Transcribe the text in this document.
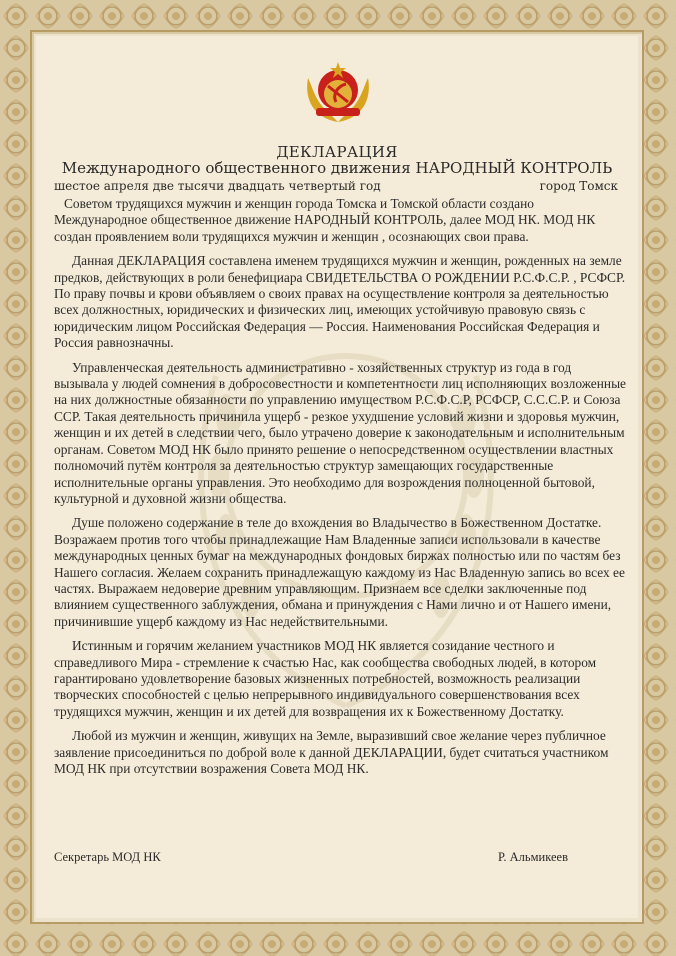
ДЕКЛАРАЦИЯ
Международного общественного движения НАРОДНЫЙ КОНТРОЛЬ
шестое апреля две тысячи двадцать четвертый год	город Томск

Советом трудящихся мужчин и женщин города Томска и Томской области создано Международное общественное движение НАРОДНЫЙ КОНТРОЛЬ, далее МОД НК. МОД НК создан проявлением воли трудящихся мужчин и женщин , осознающих свои права.

Данная ДЕКЛАРАЦИЯ составлена именем трудящихся мужчин и женщин, рожденных на земле предков, действующих в роли бенефициара СВИДЕТЕЛЬСТВА О РОЖДЕНИИ Р.С.Ф.С.Р. , РСФСР. По праву почвы и крови объявляем о своих правах на осуществление контроля за деятельностью всех должностных, юридических и физических лиц, имеющих устойчивую правовую связь с юридическим лицом Российская Федерация — Россия. Наименования Российская Федерация и Россия равнозначны.

Управленческая деятельность административно - хозяйственных структур из года в год вызывала у людей сомнения в добросовестности и компетентности лиц исполняющих возложенные на них должностные обязанности по управлению имуществом Р.С.Ф.С.Р, РСФСР, С.С.С.Р. и Союза ССР. Такая деятельность причинила ущерб - резкое ухудшение условий жизни и здоровья мужчин, женщин и их детей в следствии чего, было утрачено доверие к законодательным и исполнительным органам. Советом МОД НК было принято решение о непосредственном осуществлении властных полномочий путём контроля за деятельностью структур замещающих государственные исполнительные органы управления. Это необходимо для возрождения полноценной бытовой, культурной и духовной жизни общества.

Душе положено содержание в теле до вхождения во Владычество в Божественном Достатке. Возражаем против того чтобы принадлежащие Нам Владенные записи использовали в качестве международных ценных бумаг на международных фондовых биржах полностью или по частям без Нашего согласия. Желаем сохранить принадлежащую каждому из Нас Владенную запись во всех ее частях. Выражаем недоверие древним управляющим. Признаем все сделки заключенные под влиянием существенного заблуждения, обмана и принуждения с Нами лично и от Нашего имени, причинившие ущерб каждому из Нас недействительными.

Истинным и горячим желанием участников МОД НК является созидание честного и справедливого Мира - стремление к счастью Нас, как сообщества свободных людей, в котором гарантировано удовлетворение базовых жизненных потребностей, возможность реализации творческих способностей с целью непрерывного индивидуального совершенствования всех трудящихся мужчин, женщин и их детей для возвращения их к Божественному Достатку.

Любой из мужчин и женщин, живущих на Земле, выразивший свое желание через публичное заявление присоединиться по доброй воле к данной ДЕКЛАРАЦИИ, будет считаться участником МОД НК при отсутствии возражения Совета МОД НК.

Секретарь МОД НК	Р. Альмикеев
